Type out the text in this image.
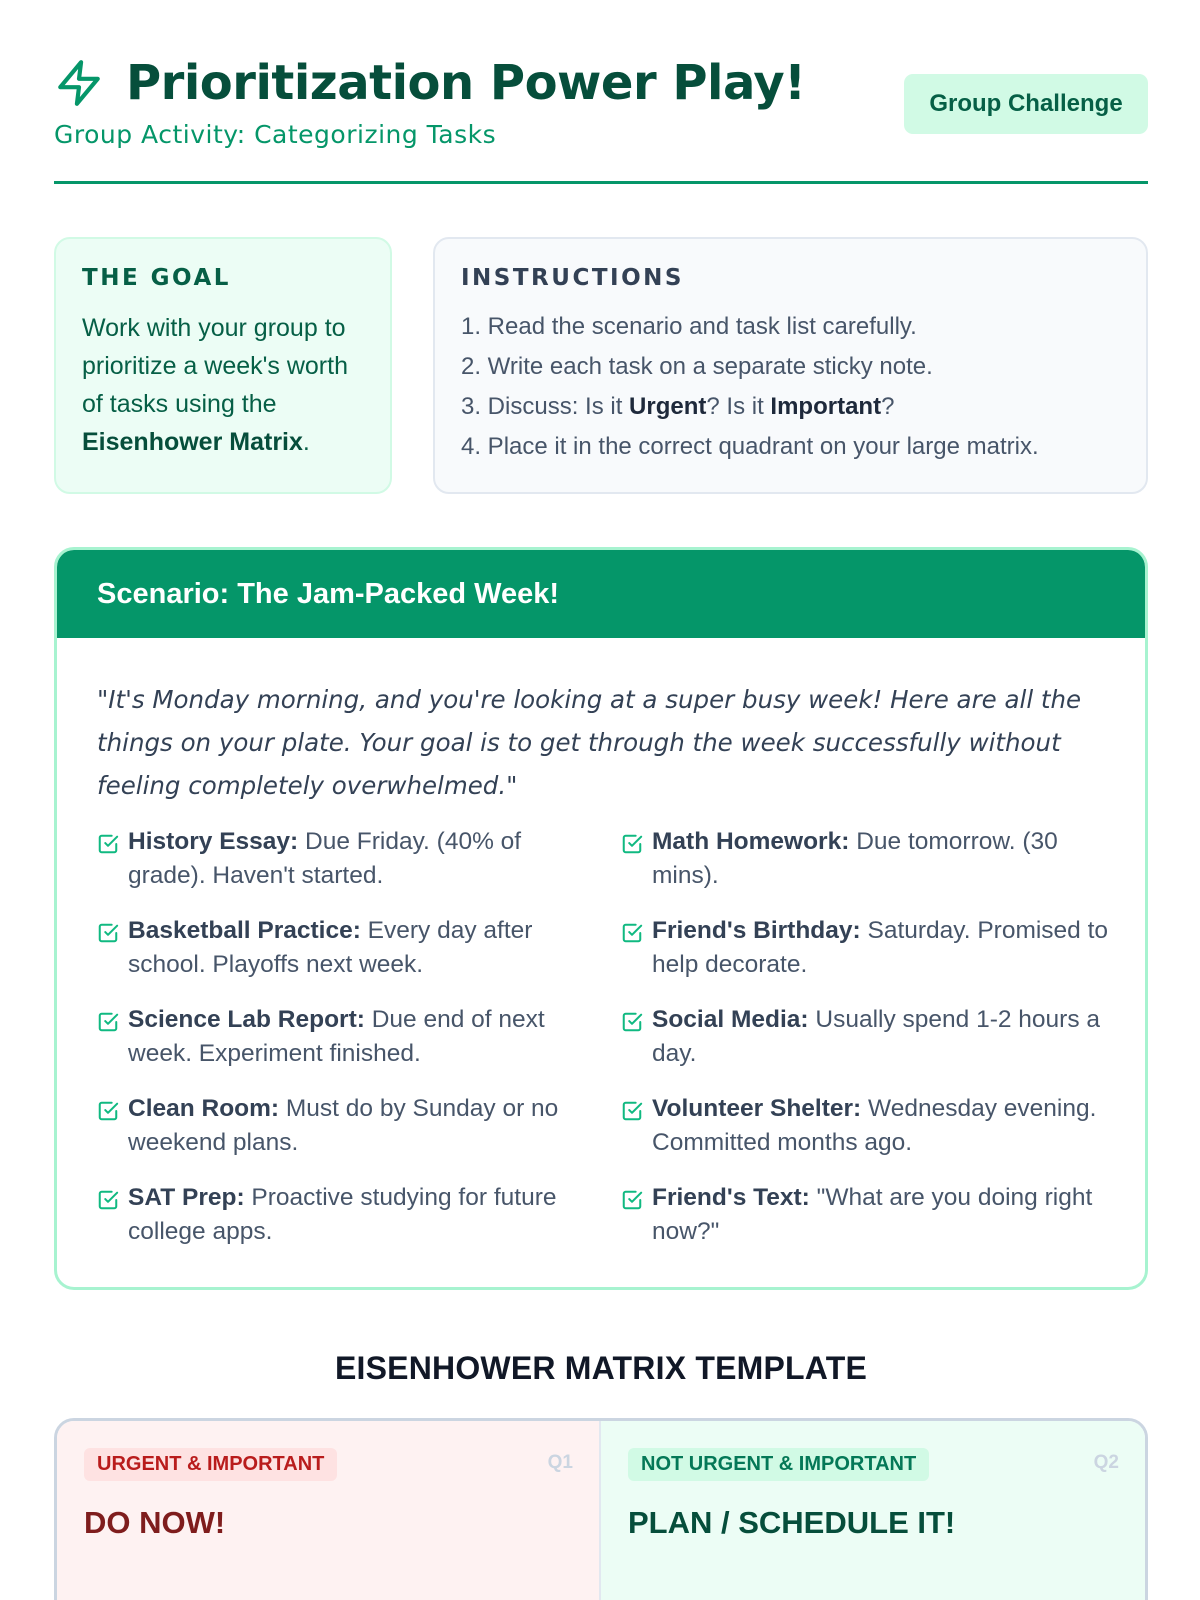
Prioritization Power Play!
Group Activity: Categorizing Tasks
Group Challenge
THE GOAL

Work with your group to prioritize a week's worth of tasks using the Eisenhower Matrix.

INSTRUCTIONS
1. Read the scenario and task list carefully.
2. Write each task on a separate sticky note.
3. Discuss: Is it Urgent? Is it Important?
4. Place it in the correct quadrant on your large matrix.
Scenario: The Jam-Packed Week!

"It's Monday morning, and you're looking at a super busy week! Here are all the things on your plate. Your goal is to get through the week successfully without feeling completely overwhelmed."

History Essay: Due Friday. (40% of grade). Haven't started.
Math Homework: Due tomorrow. (30 mins).
Basketball Practice: Every day after school. Playoffs next week.
Friend's Birthday: Saturday. Promised to help decorate.
Science Lab Report: Due end of next week. Experiment finished.
Social Media: Usually spend 1-2 hours a day.
Clean Room: Must do by Sunday or no weekend plans.
Volunteer Shelter: Wednesday evening. Committed months ago.
SAT Prep: Proactive studying for future college apps.
Friend's Text: "What are you doing right now?"
EISENHOWER MATRIX TEMPLATE
URGENT & IMPORTANT	Q1
DO NOW!
NOT URGENT & IMPORTANT	Q2
PLAN / SCHEDULE IT!
